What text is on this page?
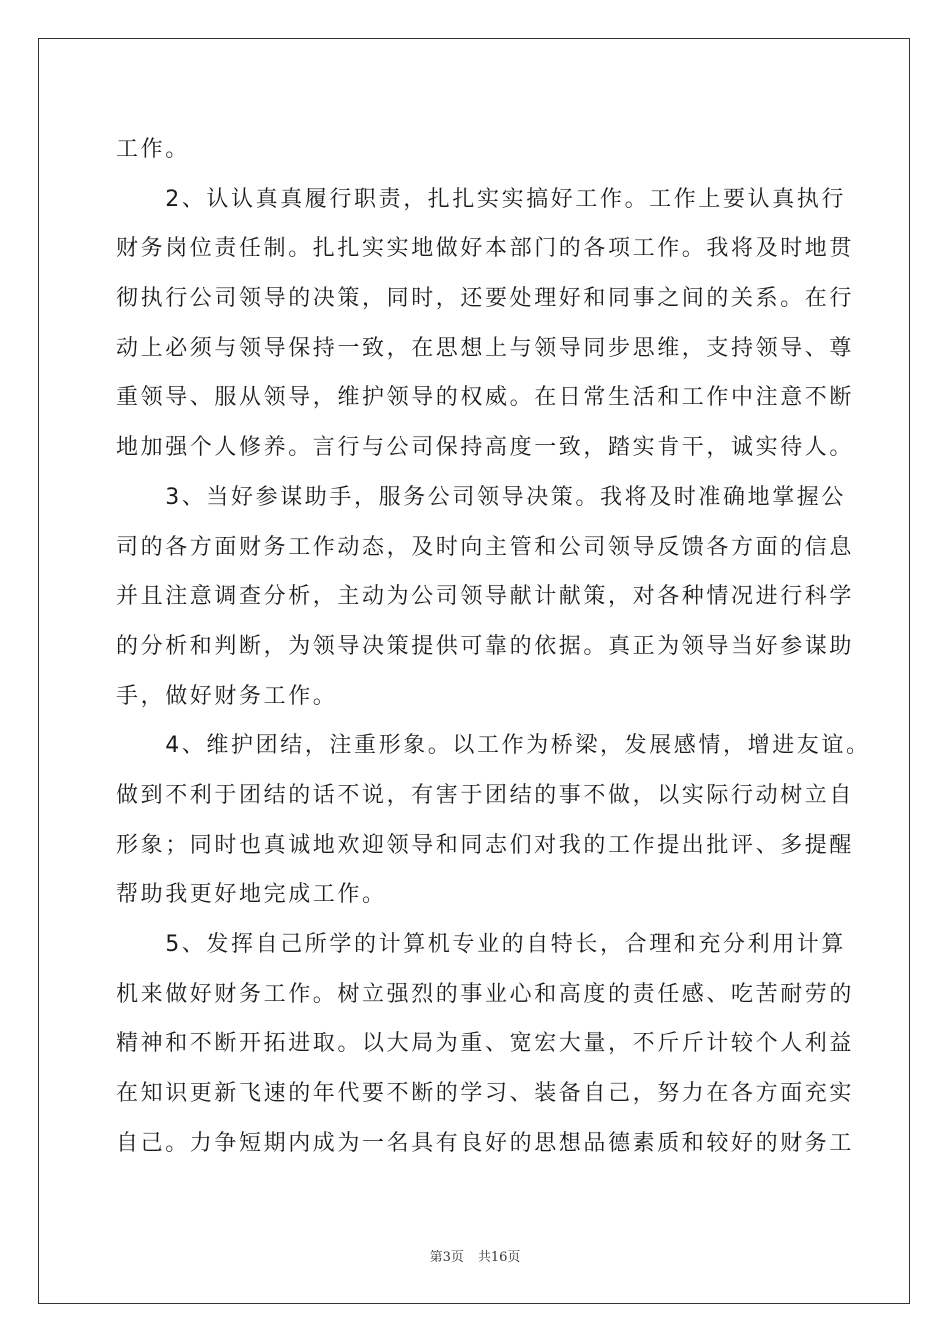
工作。
　　2、认认真真履行职责，扎扎实实搞好工作。工作上要认真执行
财务岗位责任制。扎扎实实地做好本部门的各项工作。我将及时地贯
彻执行公司领导的决策，同时，还要处理好和同事之间的关系。在行
动上必须与领导保持一致，在思想上与领导同步思维，支持领导、尊
重领导、服从领导，维护领导的权威。在日常生活和工作中注意不断
地加强个人修养。言行与公司保持高度一致，踏实肯干，诚实待人。
　　3、当好参谋助手，服务公司领导决策。我将及时准确地掌握公
司的各方面财务工作动态，及时向主管和公司领导反馈各方面的信息
并且注意调查分析，主动为公司领导献计献策，对各种情况进行科学
的分析和判断，为领导决策提供可靠的依据。真正为领导当好参谋助
手，做好财务工作。
　　4、维护团结，注重形象。以工作为桥梁，发展感情，增进友谊。
做到不利于团结的话不说，有害于团结的事不做，以实际行动树立自
形象；同时也真诚地欢迎领导和同志们对我的工作提出批评、多提醒
帮助我更好地完成工作。
　　5、发挥自己所学的计算机专业的自特长，合理和充分利用计算
机来做好财务工作。树立强烈的事业心和高度的责任感、吃苦耐劳的
精神和不断开拓进取。以大局为重、宽宏大量，不斤斤计较个人利益
在知识更新飞速的年代要不断的学习、装备自己，努力在各方面充实
自己。力争短期内成为一名具有良好的思想品德素质和较好的财务工
第3页 共16页
